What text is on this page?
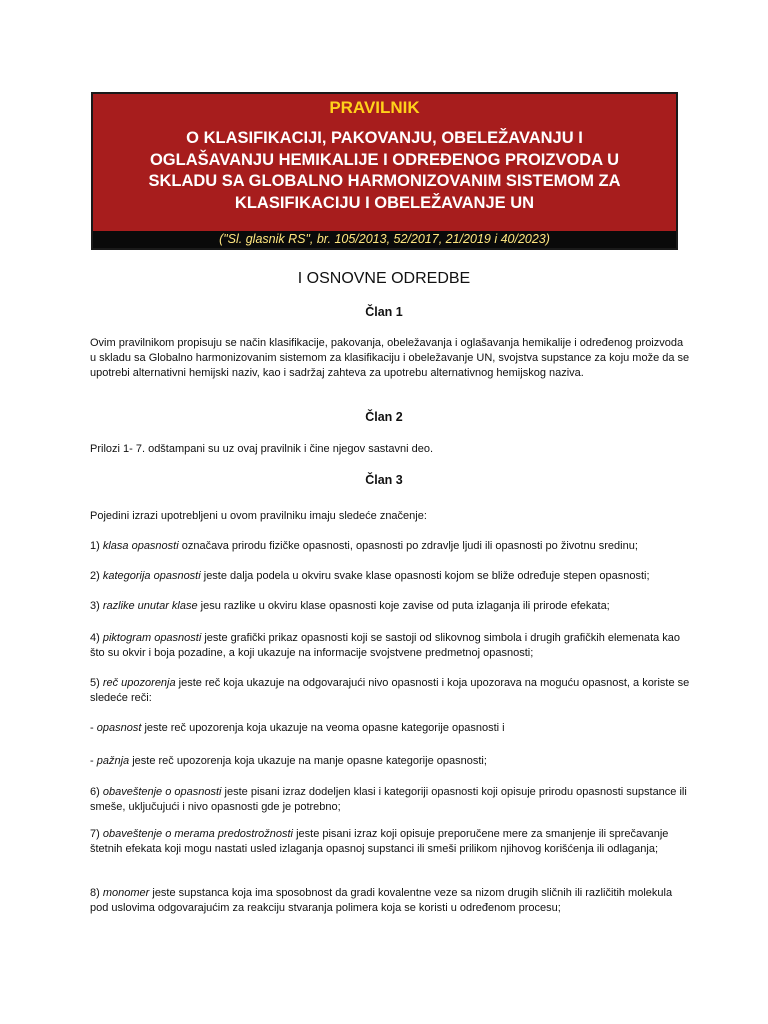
PRAVILNIK
O KLASIFIKACIJI, PAKOVANJU, OBELEŽAVANJU I
OGLAŠAVANJU HEMIKALIJE I ODREĐENOG PROIZVODA U
SKLADU SA GLOBALNO HARMONIZOVANIM SISTEMOM ZA
KLASIFIKACIJU I OBELEŽAVANJE UN
("Sl. glasnik RS", br. 105/2013, 52/2017, 21/2019 i 40/2023)
I OSNOVNE ODREDBE
Član 1
Ovim pravilnikom propisuju se način klasifikacije, pakovanja, obeležavanja i oglašavanja hemikalije i određenog proizvoda u skladu sa Globalno harmonizovanim sistemom za klasifikaciju i obeležavanje UN, svojstva supstance za koju može da se upotrebi alternativni hemijski naziv, kao i sadržaj zahteva za upotrebu alternativnog hemijskog naziva.
Član 2
Prilozi 1- 7. odštampani su uz ovaj pravilnik i čine njegov sastavni deo.
Član 3
Pojedini izrazi upotrebljeni u ovom pravilniku imaju sledeće značenje:
1) klasa opasnosti označava prirodu fizičke opasnosti, opasnosti po zdravlje ljudi ili opasnosti po životnu sredinu;
2) kategorija opasnosti jeste dalja podela u okviru svake klase opasnosti kojom se bliže određuje stepen opasnosti;
3) razlike unutar klase jesu razlike u okviru klase opasnosti koje zavise od puta izlaganja ili prirode efekata;
4) piktogram opasnosti jeste grafički prikaz opasnosti koji se sastoji od slikovnog simbola i drugih grafičkih elemenata kao što su okvir i boja pozadine, a koji ukazuje na informacije svojstvene predmetnoj opasnosti;
5) reč upozorenja jeste reč koja ukazuje na odgovarajući nivo opasnosti i koja upozorava na moguću opasnost, a koriste se sledeće reči:
- opasnost jeste reč upozorenja koja ukazuje na veoma opasne kategorije opasnosti i
- pažnja jeste reč upozorenja koja ukazuje na manje opasne kategorije opasnosti;
6) obaveštenje o opasnosti jeste pisani izraz dodeljen klasi i kategoriji opasnosti koji opisuje prirodu opasnosti supstance ili smeše, uključujući i nivo opasnosti gde je potrebno;
7) obaveštenje o merama predostrožnosti jeste pisani izraz koji opisuje preporučene mere za smanjenje ili sprečavanje štetnih efekata koji mogu nastati usled izlaganja opasnoj supstanci ili smeši prilikom njihovog korišćenja ili odlaganja;
8) monomer jeste supstanca koja ima sposobnost da gradi kovalentne veze sa nizom drugih sličnih ili različitih molekula pod uslovima odgovarajućim za reakciju stvaranja polimera koja se koristi u određenom procesu;
